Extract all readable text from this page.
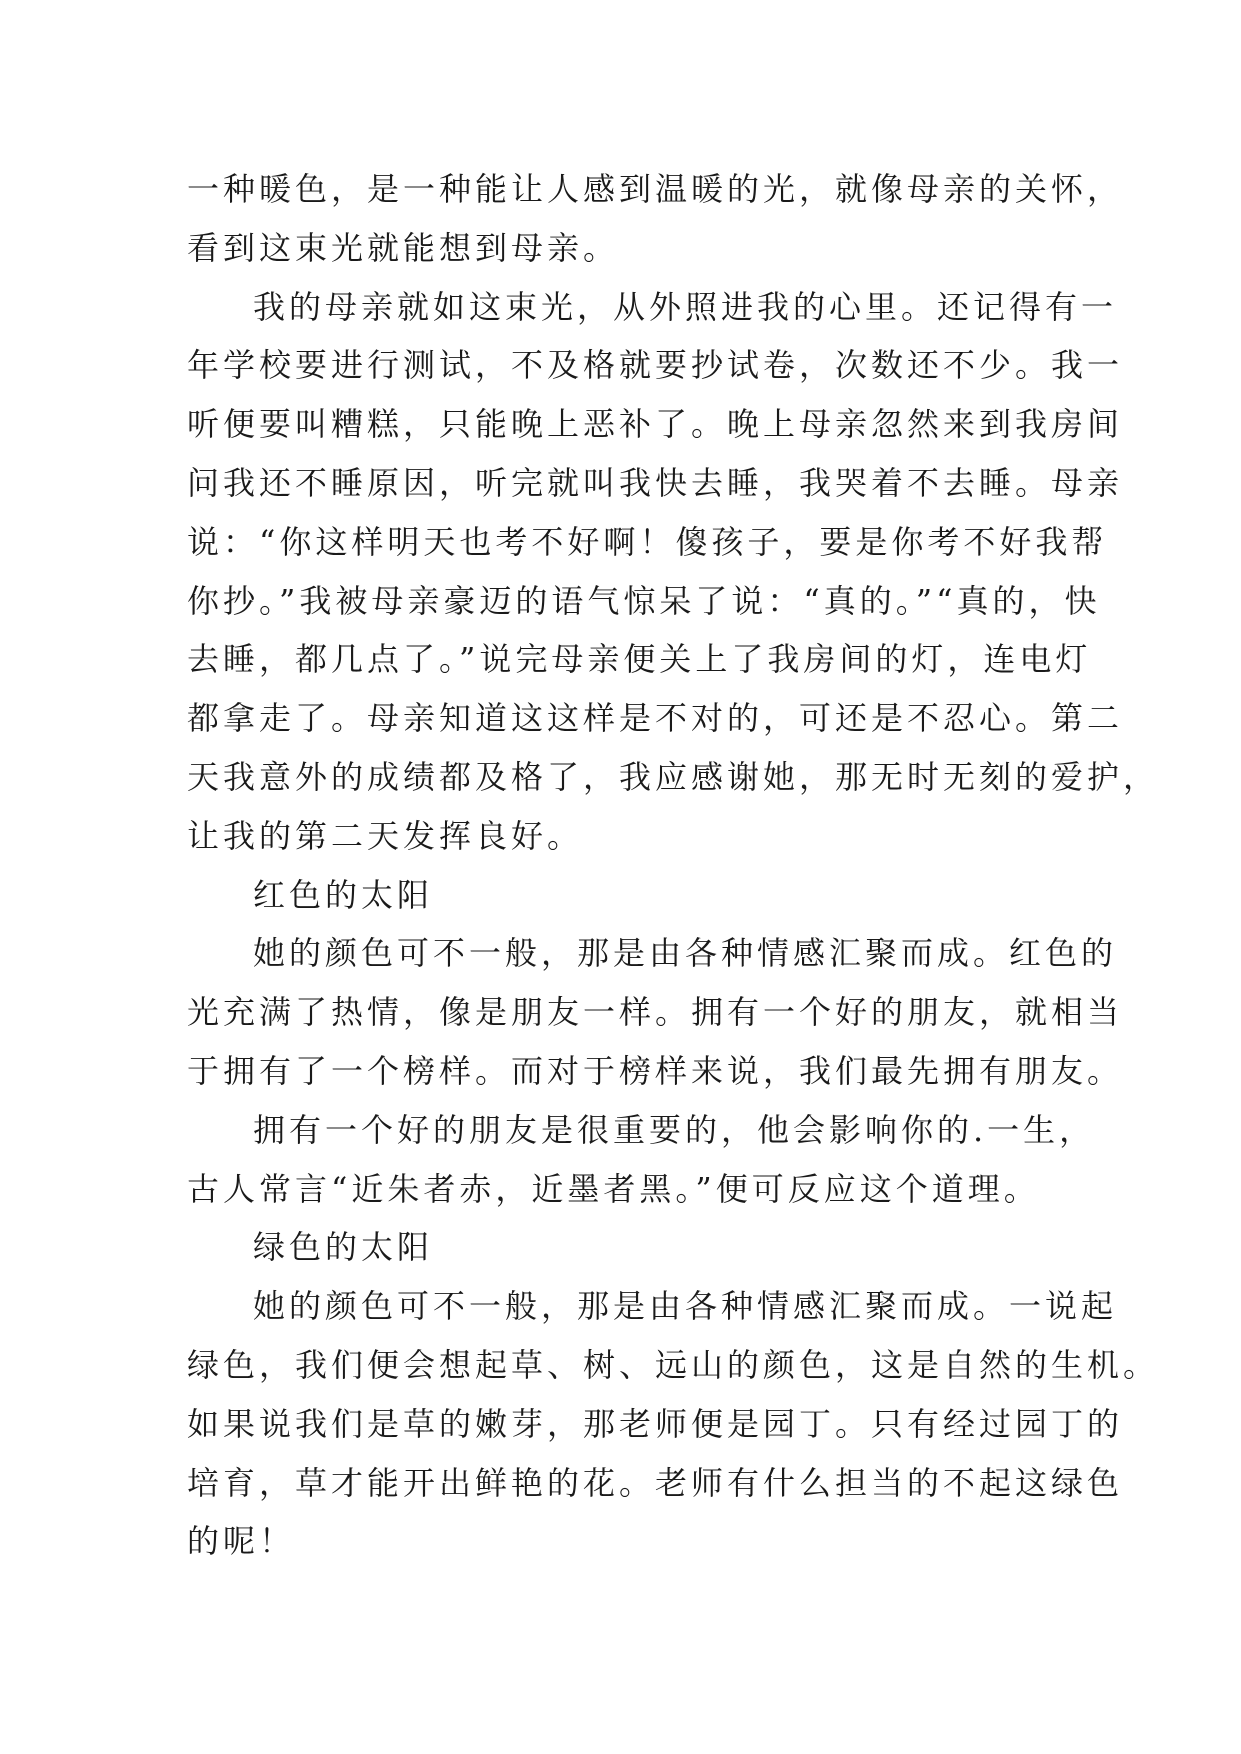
一种暖色，是一种能让人感到温暖的光，就像母亲的关怀，
看到这束光就能想到母亲。
我的母亲就如这束光，从外照进我的心里。还记得有一
年学校要进行测试，不及格就要抄试卷，次数还不少。我一
听便要叫糟糕，只能晚上恶补了。晚上母亲忽然来到我房间
问我还不睡原因，听完就叫我快去睡，我哭着不去睡。母亲
说：“你这样明天也考不好啊！傻孩子，要是你考不好我帮
你抄。”我被母亲豪迈的语气惊呆了说：“真的。”“真的，快
去睡，都几点了。”说完母亲便关上了我房间的灯，连电灯
都拿走了。母亲知道这这样是不对的，可还是不忍心。第二
天我意外的成绩都及格了，我应感谢她，那无时无刻的爱护，
让我的第二天发挥良好。
红色的太阳
她的颜色可不一般，那是由各种情感汇聚而成。红色的
光充满了热情，像是朋友一样。拥有一个好的朋友，就相当
于拥有了一个榜样。而对于榜样来说，我们最先拥有朋友。
拥有一个好的朋友是很重要的，他会影响你的.一生，
古人常言“近朱者赤，近墨者黑。”便可反应这个道理。
绿色的太阳
她的颜色可不一般，那是由各种情感汇聚而成。一说起
绿色，我们便会想起草、树、远山的颜色，这是自然的生机。
如果说我们是草的嫩芽，那老师便是园丁。只有经过园丁的
培育，草才能开出鲜艳的花。老师有什么担当的不起这绿色
的呢！
